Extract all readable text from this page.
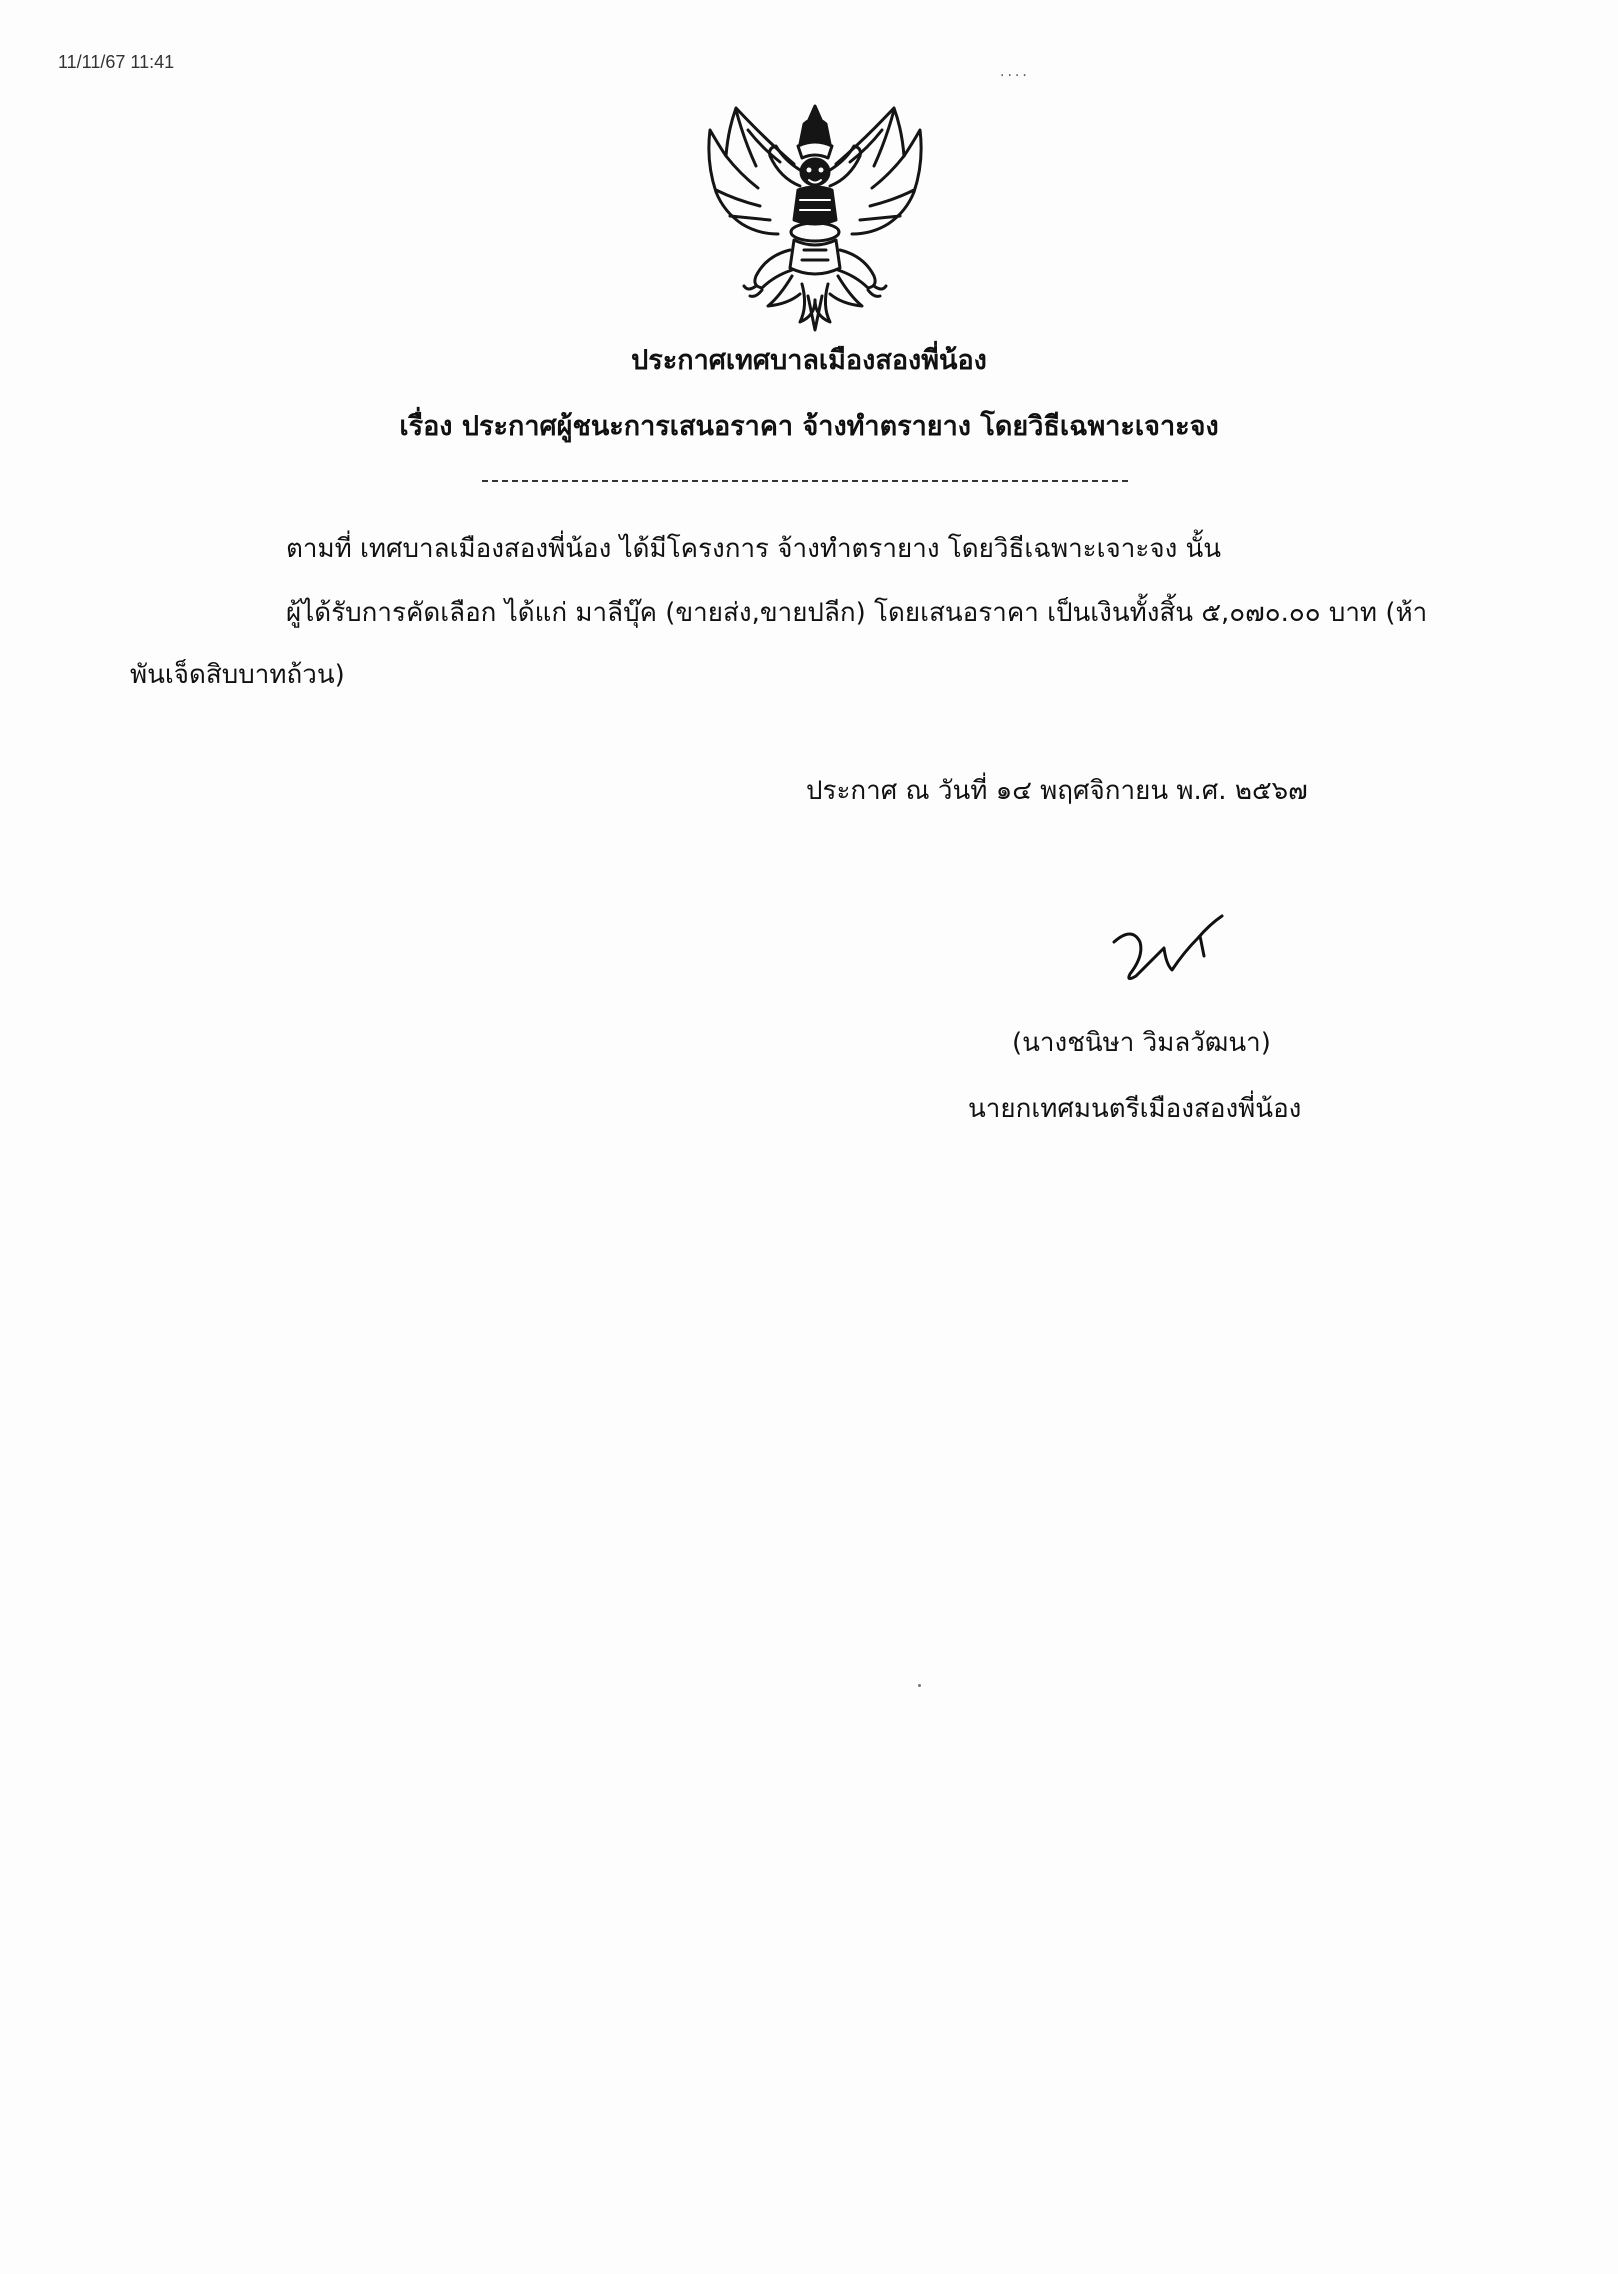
11/11/67 11:41	....
ประกาศเทศบาลเมืองสองพี่น้อง
เรื่อง ประกาศผู้ชนะการเสนอราคา จ้างทำตรายาง โดยวิธีเฉพาะเจาะจง
ตามที่ เทศบาลเมืองสองพี่น้อง ได้มีโครงการ จ้างทำตรายาง โดยวิธีเฉพาะเจาะจง นั้น
ผู้ได้รับการคัดเลือก ได้แก่ มาลีบุ๊ค (ขายส่ง,ขายปลีก) โดยเสนอราคา เป็นเงินทั้งสิ้น ๕,๐๗๐.๐๐ บาท (ห้า
พันเจ็ดสิบบาทถ้วน)
ประกาศ ณ วันที่ ๑๔ พฤศจิกายน พ.ศ. ๒๕๖๗
(นางชนิษา วิมลวัฒนา)
นายกเทศมนตรีเมืองสองพี่น้อง
